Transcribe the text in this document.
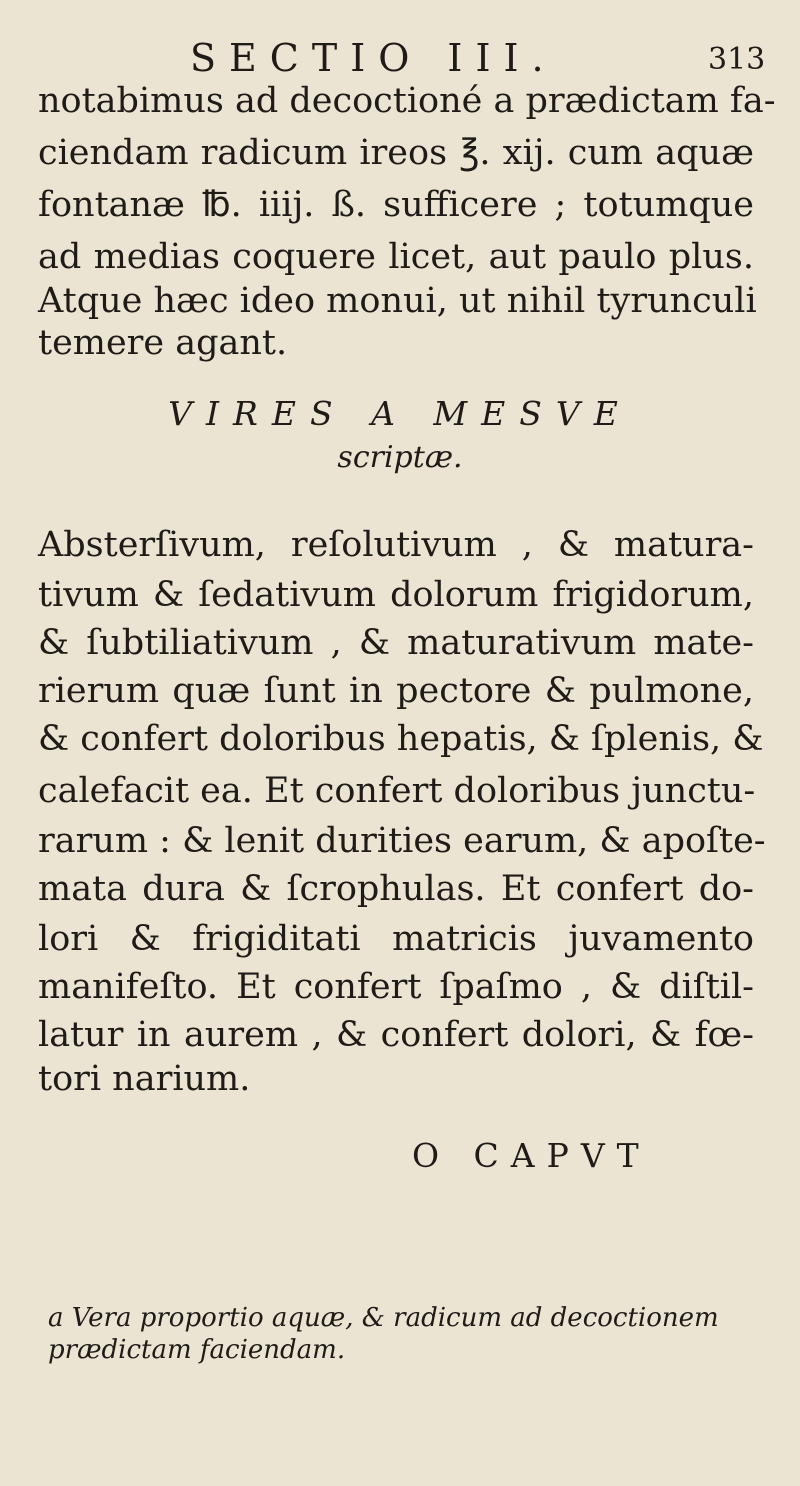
SECTIO III.	313
notabimus ad decoctioné a prædictam fa-
ciendam radicum ireos ℥. xij. cum aquæ
fontanæ ℔. iiij. ß. sufficere ; totumque
ad medias coquere licet, aut paulo plus.
Atque hæc ideo monui, ut nihil tyrunculi
temere agant.
VIRES A MESVE
scriptæ.
Absterſivum, reſolutivum , & matura-
tivum & ſedativum dolorum frigidorum,
& ſubtiliativum , & maturativum mate-
rierum quæ ſunt in pectore & pulmone,
& confert doloribus hepatis, & ſplenis, &
calefacit ea. Et confert doloribus junctu-
rarum : & lenit durities earum, & apoſte-
mata dura & ſcrophulas. Et confert do-
lori & frigiditati matricis juvamento
manifeſto. Et confert ſpaſmo , & diſtil-
latur in aurem , & confert dolori, & fœ-
tori narium.
O CAPVT
a Vera proportio aquæ, & radicum ad decoctionem
prædictam faciendam.
